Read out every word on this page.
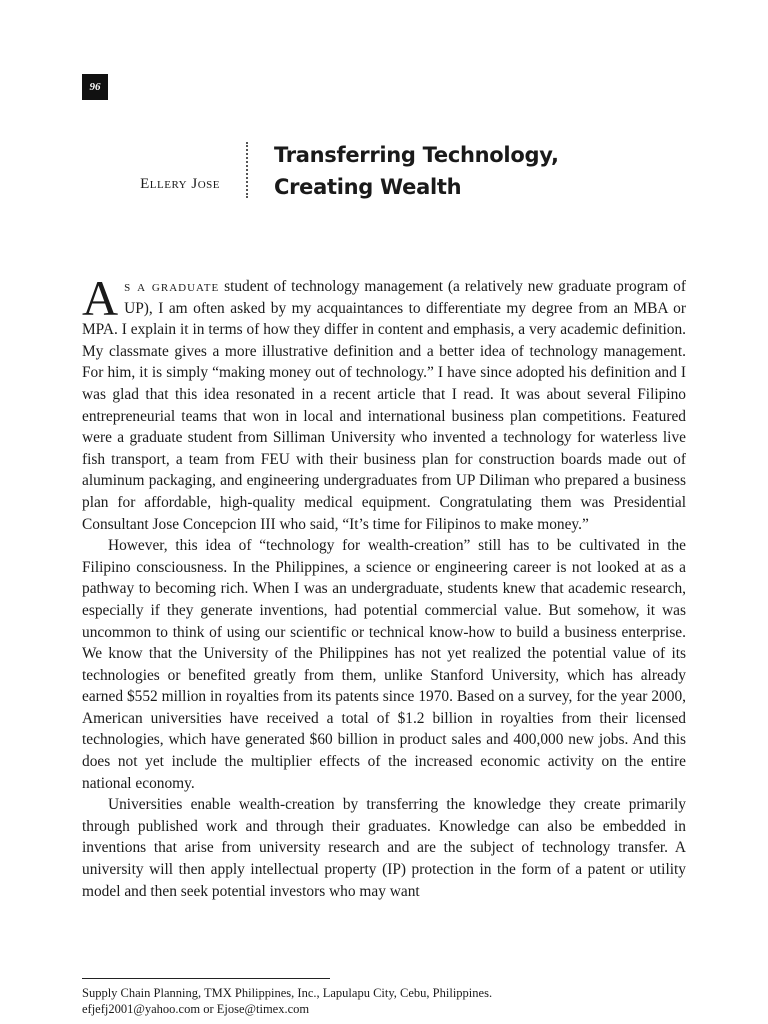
96
Ellery Jose
Transferring Technology,
Creating Wealth

As a graduate student of technology management (a relatively new graduate program of UP), I am often asked by my acquaintances to differentiate my degree from an MBA or MPA. I explain it in terms of how they differ in content and emphasis, a very academic definition. My classmate gives a more illustrative definition and a better idea of technology management. For him, it is simply “making money out of technology.” I have since adopted his definition and I was glad that this idea resonated in a recent article that I read. It was about several Filipino entrepreneurial teams that won in local and international business plan competitions. Featured were a graduate student from Silliman University who invented a technology for waterless live fish transport, a team from FEU with their business plan for construction boards made out of aluminum packaging, and engineering undergraduates from UP Diliman who prepared a business plan for affordable, high-quality medical equipment. Congratulating them was Presidential Consultant Jose Concepcion III who said, “It’s time for Filipinos to make money.”

However, this idea of “technology for wealth-creation” still has to be cultivated in the Filipino consciousness. In the Philippines, a science or engineering career is not looked at as a pathway to becoming rich. When I was an undergraduate, students knew that academic research, especially if they generate inventions, had potential commercial value. But somehow, it was uncommon to think of using our scientific or technical know-how to build a business enterprise. We know that the University of the Philippines has not yet realized the potential value of its technologies or benefited greatly from them, unlike Stanford University, which has already earned $552 million in royalties from its patents since 1970. Based on a survey, for the year 2000, American universities have received a total of $1.2 billion in royalties from their licensed technologies, which have generated $60 billion in product sales and 400,000 new jobs. And this does not yet include the multiplier effects of the increased economic activity on the entire national economy.

Universities enable wealth-creation by transferring the knowledge they create primarily through published work and through their graduates. Knowledge can also be embedded in inventions that arise from university research and are the subject of technology transfer. A university will then apply intellectual property (IP) protection in the form of a patent or utility model and then seek potential investors who may want

Supply Chain Planning, TMX Philippines, Inc., Lapulapu City, Cebu, Philippines.
efjefj2001@yahoo.com or Ejose@timex.com
